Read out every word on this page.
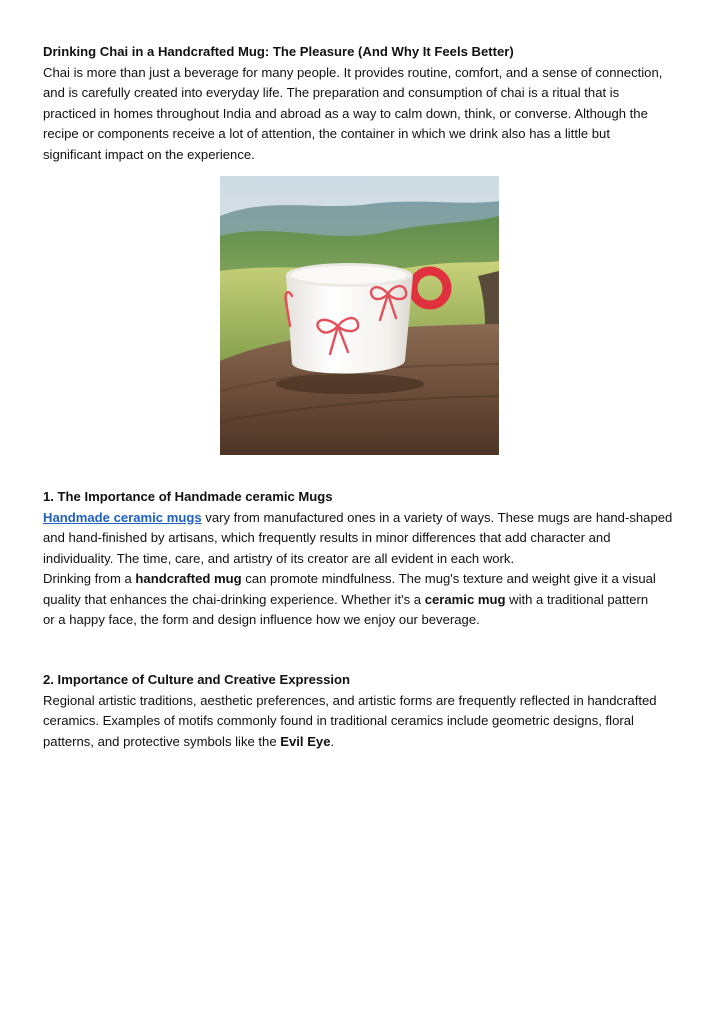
Drinking Chai in a Handcrafted Mug: The Pleasure (And Why It Feels Better)
Chai is more than just a beverage for many people. It provides routine, comfort, and a sense of connection,
and is carefully created into everyday life. The preparation and consumption of chai is a ritual that is
practiced in homes throughout India and abroad as a way to calm down, think, or converse. Although the
recipe or components receive a lot of attention, the container in which we drink also has a little but
significant impact on the experience.
1. The Importance of Handmade ceramic Mugs
Handmade ceramic mugs vary from manufactured ones in a variety of ways. These mugs are hand-shaped
and hand-finished by artisans, which frequently results in minor differences that add character and
individuality. The time, care, and artistry of its creator are all evident in each work.
Drinking from a handcrafted mug can promote mindfulness. The mug's texture and weight give it a visual
quality that enhances the chai-drinking experience. Whether it's a ceramic mug with a traditional pattern
or a happy face, the form and design influence how we enjoy our beverage.
2. Importance of Culture and Creative Expression
Regional artistic traditions, aesthetic preferences, and artistic forms are frequently reflected in handcrafted
ceramics. Examples of motifs commonly found in traditional ceramics include geometric designs, floral
patterns, and protective symbols like the Evil Eye.
